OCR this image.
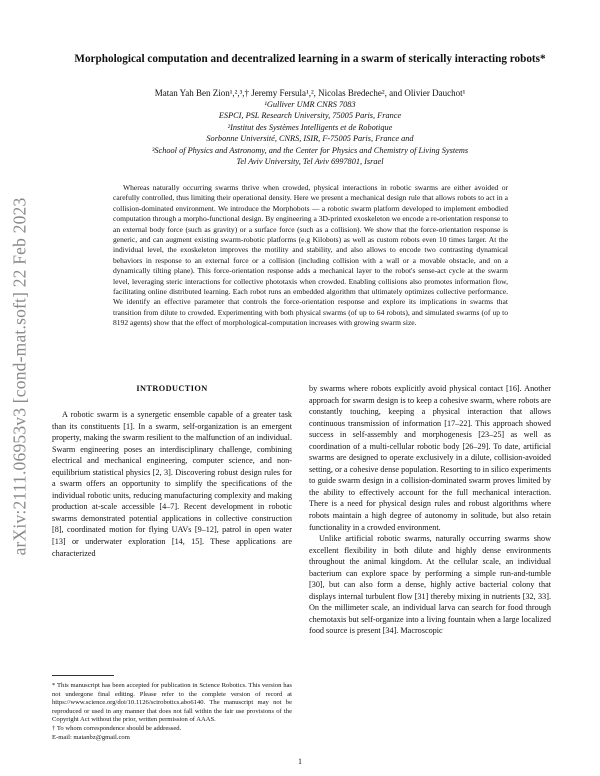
arXiv:2111.06953v3 [cond-mat.soft] 22 Feb 2023
Morphological computation and decentralized learning in a swarm of sterically interacting robots*
Matan Yah Ben Zion¹,²,³,† Jeremy Fersula¹,², Nicolas Bredeche², and Olivier Dauchot¹
¹Gulliver UMR CNRS 7083
ESPCI, PSL Research University, 75005 Paris, France
²Institut des Systèmes Intelligents et de Robotique
Sorbonne Université, CNRS, ISIR, F-75005 Paris, France and
³School of Physics and Astronomy, and the Center for Physics and Chemistry of Living Systems
Tel Aviv University, Tel Aviv 6997801, Israel
Whereas naturally occurring swarms thrive when crowded, physical interactions in robotic swarms are either avoided or carefully controlled, thus limiting their operational density. Here we present a mechanical design rule that allows robots to act in a collision-dominated environment. We introduce the Morphobots — a robotic swarm platform developed to implement embodied computation through a morpho-functional design. By engineering a 3D-printed exoskeleton we encode a re-orientation response to an external body force (such as gravity) or a surface force (such as a collision). We show that the force-orientation response is generic, and can augment existing swarm-robotic platforms (e.g Kilobots) as well as custom robots even 10 times larger. At the individual level, the exoskeleton improves the motility and stability, and also allows to encode two contrasting dynamical behaviors in response to an external force or a collision (including collision with a wall or a movable obstacle, and on a dynamically tilting plane). This force-orientation response adds a mechanical layer to the robot's sense-act cycle at the swarm level, leveraging steric interactions for collective phototaxis when crowded. Enabling collisions also promotes information flow, facilitating online distributed learning. Each robot runs an embedded algorithm that ultimately optimizes collective performance. We identify an effective parameter that controls the force-orientation response and explore its implications in swarms that transition from dilute to crowded. Experimenting with both physical swarms (of up to 64 robots), and simulated swarms (of up to 8192 agents) show that the effect of morphological-computation increases with growing swarm size.
INTRODUCTION
A robotic swarm is a synergetic ensemble capable of a greater task than its constituents [1]. In a swarm, self-organization is an emergent property, making the swarm resilient to the malfunction of an individual. Swarm engineering poses an interdisciplinary challenge, combining electrical and mechanical engineering, computer science, and non-equilibrium statistical physics [2, 3]. Discovering robust design rules for a swarm offers an opportunity to simplify the specifications of the individual robotic units, reducing manufacturing complexity and making production at-scale accessible [4–7]. Recent development in robotic swarms demonstrated potential applications in collective construction [8], coordinated motion for flying UAVs [9–12], patrol in open water [13] or underwater exploration [14, 15]. These applications are characterized
by swarms where robots explicitly avoid physical contact [16]. Another approach for swarm design is to keep a cohesive swarm, where robots are constantly touching, keeping a physical interaction that allows continuous transmission of information [17–22]. This approach showed success in self-assembly and morphogenesis [23–25] as well as coordination of a multi-cellular robotic body [26–29]. To date, artificial swarms are designed to operate exclusively in a dilute, collision-avoided setting, or a cohesive dense population. Resorting to in silico experiments to guide swarm design in a collision-dominated swarm proves limited by the ability to effectively account for the full mechanical interaction. There is a need for physical design rules and robust algorithms where robots maintain a high degree of autonomy in solitude, but also retain functionality in a crowded environment.
Unlike artificial robotic swarms, naturally occurring swarms show excellent flexibility in both dilute and highly dense environments throughout the animal kingdom. At the cellular scale, an individual bacterium can explore space by performing a simple run-and-tumble [30], but can also form a dense, highly active bacterial colony that displays internal turbulent flow [31] thereby mixing in nutrients [32, 33]. On the millimeter scale, an individual larva can search for food through chemotaxis but self-organize into a living fountain when a large localized food source is present [34]. Macroscopic

* This manuscript has been accepted for publication in Science Robotics. This version has not undergone final editing. Please refer to the complete version of record at https://www.science.org/doi/10.1126/scirobotics.abo6140. The manuscript may not be reproduced or used in any manner that does not fall within the fair use provisions of the Copyright Act without the prior, written permission of AAAS.

† To whom correspondence should be addressed.

E-mail: matanbz@gmail.com

1
